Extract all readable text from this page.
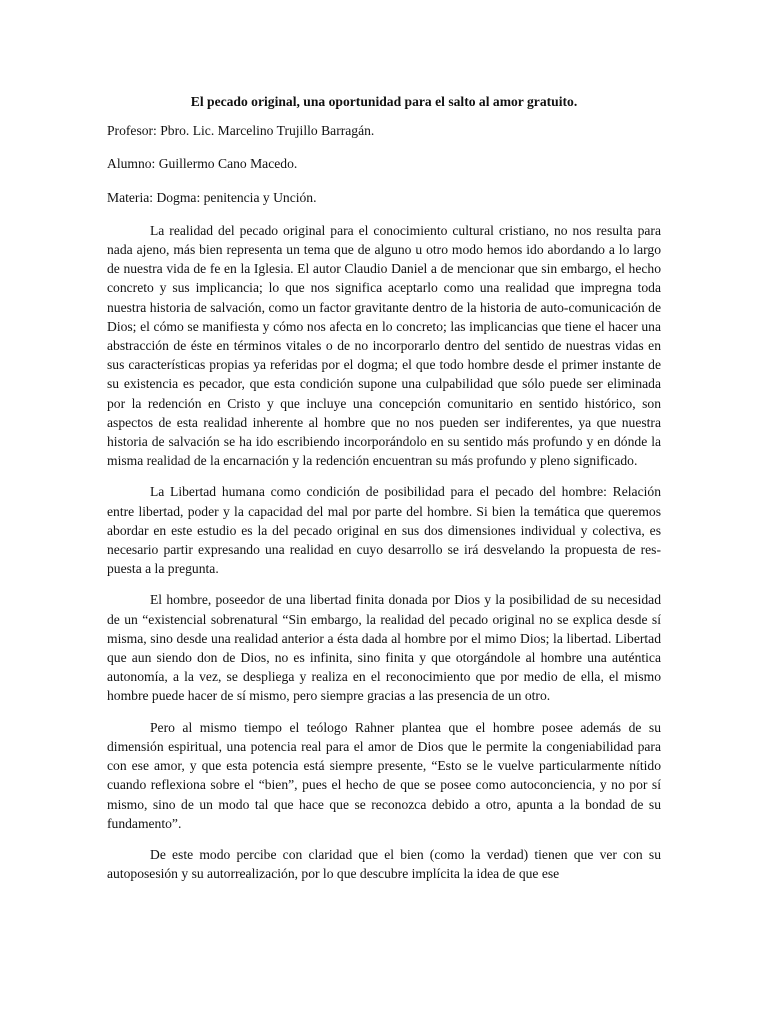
El pecado original, una oportunidad para el salto al amor gratuito.

Profesor: Pbro. Lic. Marcelino Trujillo Barragán.

Alumno: Guillermo Cano Macedo.

Materia: Dogma: penitencia y Unción.

La realidad del pecado original para el conocimiento cultural cristiano, no nos resulta para nada ajeno, más bien representa un tema que de alguno u otro modo hemos ido abordando a lo largo de nuestra vida de fe en la Iglesia. El autor Claudio Daniel a de mencionar que sin embargo, el hecho concreto y sus implicancia; lo que nos significa aceptarlo como una realidad que impregna toda nuestra historia de salvación, como un factor gravitante dentro de la historia de auto-comunicación de Dios; el cómo se manifiesta y cómo nos afecta en lo concreto; las implicancias que tiene el hacer una abstracción de éste en términos vitales o de no incorporarlo dentro del sentido de nuestras vidas en sus características propias ya referidas por el dogma; el que todo hombre desde el primer instante de su existencia es pecador, que esta condición supone una culpabilidad que sólo puede ser eliminada por la redención en Cristo y que incluye una concepción comunitario en sentido histórico, son aspectos de esta realidad inherente al hombre que no nos pueden ser indiferentes, ya que nuestra historia de salvación se ha ido escribiendo incorporándolo en su sentido más profundo y en dónde la misma realidad de la encarnación y la redención encuentran su más profundo y pleno significado.

La Libertad humana como condición de posibilidad para el pecado del hombre: Relación entre libertad, poder y la capacidad del mal por parte del hombre. Si bien la temática que queremos abordar en este estudio es la del pecado original en sus dos dimensiones individual y colectiva, es necesario partir expresando una realidad en cuyo desarrollo se irá desvelando la propuesta de res-puesta a la pregunta.

El hombre, poseedor de una libertad finita donada por Dios y la posibilidad de su necesidad de un “existencial sobrenatural “Sin embargo, la realidad del pecado original no se explica desde sí misma, sino desde una realidad anterior a ésta dada al hombre por el mimo Dios; la libertad. Libertad que aun siendo don de Dios, no es infinita, sino finita y que otorgándole al hombre una auténtica autonomía, a la vez, se despliega y realiza en el reconocimiento que por medio de ella, el mismo hombre puede hacer de sí mismo, pero siempre gracias a las presencia de un otro.

Pero al mismo tiempo el teólogo Rahner plantea que el hombre posee además de su dimensión espiritual, una potencia real para el amor de Dios que le permite la congeniabilidad para con ese amor, y que esta potencia está siempre presente, “Esto se le vuelve particularmente nítido cuando reflexiona sobre el “bien”, pues el hecho de que se posee como autoconciencia, y no por sí mismo, sino de un modo tal que hace que se reconozca debido a otro, apunta a la bondad de su fundamento”.

De este modo percibe con claridad que el bien (como la verdad) tienen que ver con su autoposesión y su autorrealización, por lo que descubre implícita la idea de que ese
